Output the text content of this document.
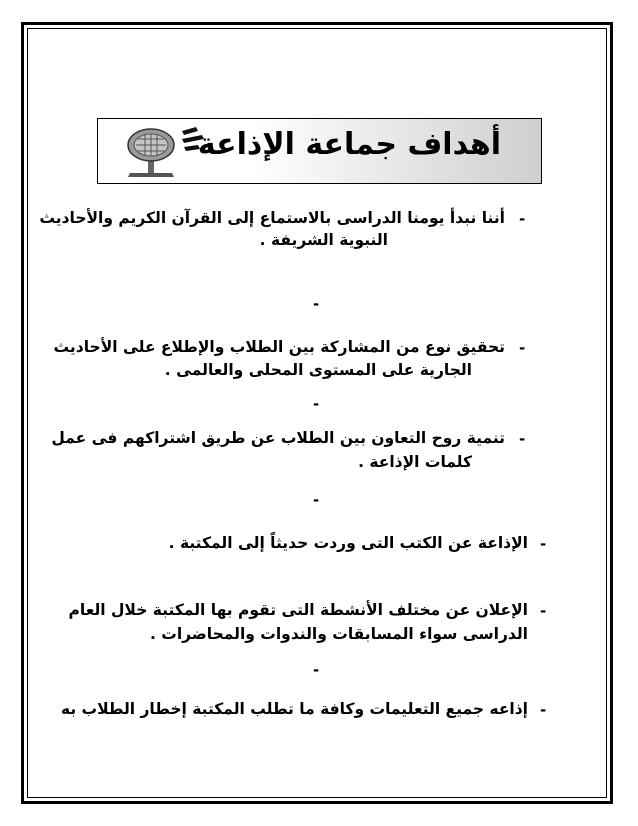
أهداف جماعة الإذاعة
-
أننا نبدأ يومنا الدراسى بالاستماع إلى القرآن الكريم والأحاديث
النبوية الشريفة .
-
-
تحقيق نوع من المشاركة بين الطلاب والإطلاع على الأحاديث
الجارية على المستوى المحلى والعالمى .
-
-
تنمية روح التعاون بين الطلاب عن طريق اشتراكهم فى عمل
كلمات الإذاعة .
-
-
الإذاعة عن الكتب التى وردت حديثاً إلى المكتبة .
-
الإعلان عن مختلف الأنشطة التى تقوم بها المكتبة خلال العام
الدراسى سواء المسابقات والندوات والمحاضرات .
-
-
إذاعه جميع التعليمات وكافة ما تطلب المكتبة إخطار الطلاب به
